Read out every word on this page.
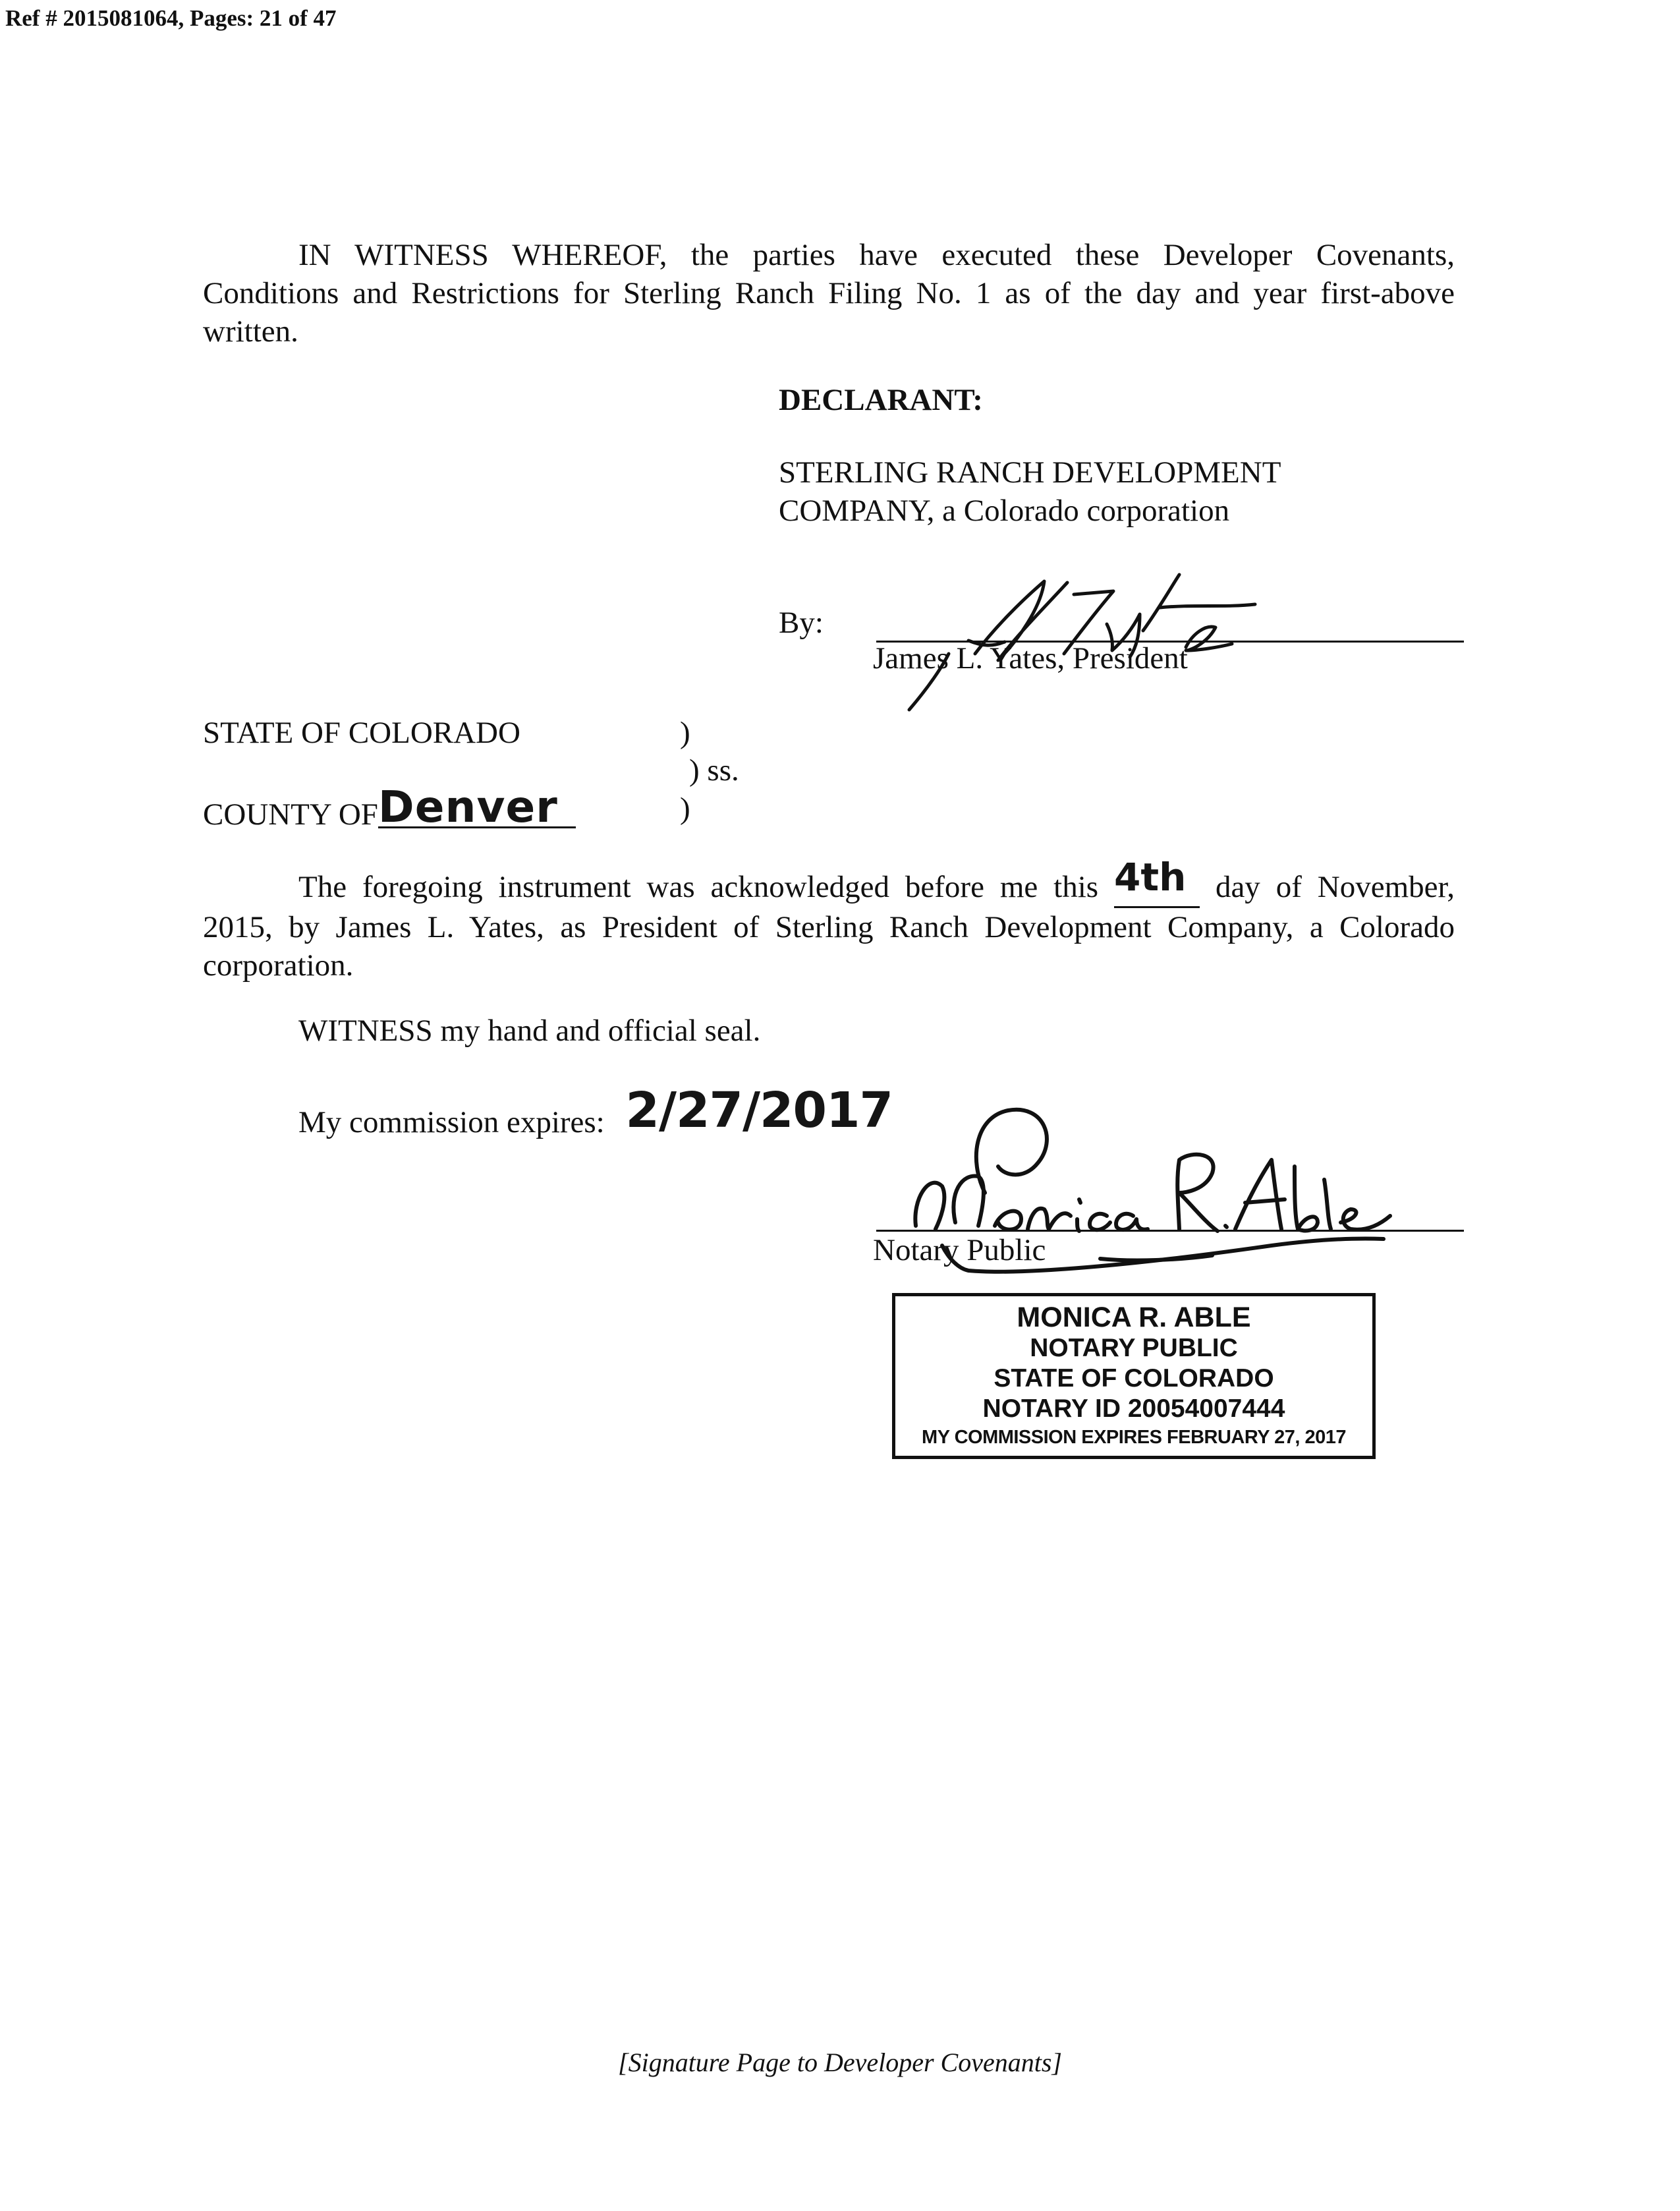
Ref # 2015081064, Pages: 21 of 47
IN WITNESS WHEREOF, the parties have executed these Developer Covenants,
Conditions and Restrictions for Sterling Ranch Filing No. 1 as of the day and year first-above
written.
DECLARANT:
STERLING RANCH DEVELOPMENT
COMPANY, a Colorado corporation
By:
James L. Yates, President
STATE OF COLORADO
COUNTY OFDenver
)
) ss.
)
The foregoing instrument was acknowledged before me this 4th day of November,
2015, by James L. Yates, as President of Sterling Ranch Development Company, a Colorado
corporation.
WITNESS my hand and official seal.
My commission expires: 2/27/2017
Notary Public
MONICA R. ABLE
NOTARY PUBLIC
STATE OF COLORADO
NOTARY ID 20054007444
MY COMMISSION EXPIRES FEBRUARY 27, 2017
[Signature Page to Developer Covenants]
